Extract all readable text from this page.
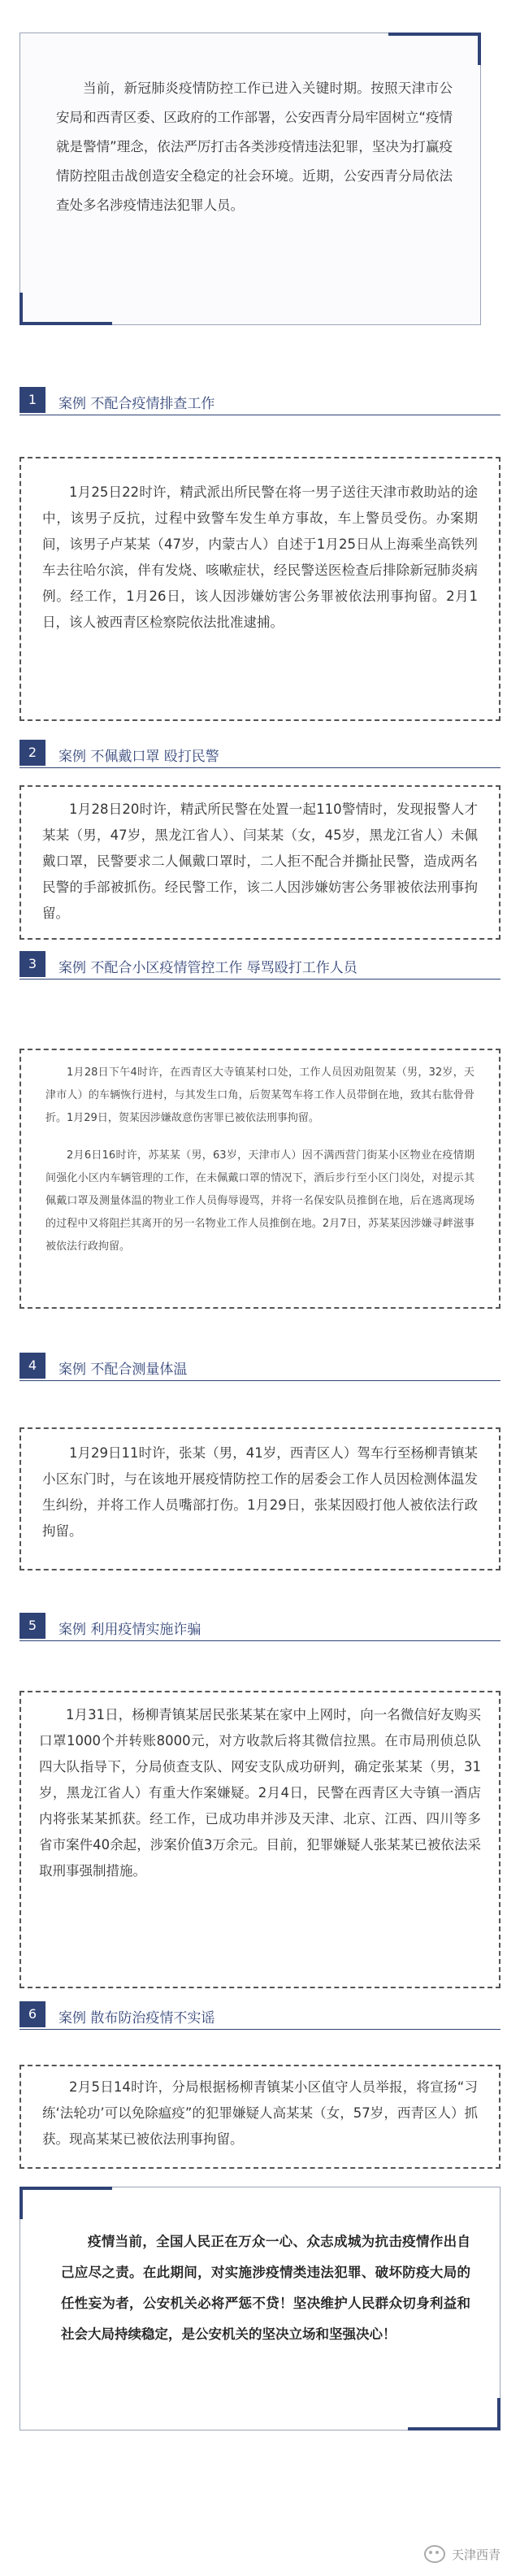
当前，新冠肺炎疫情防控工作已进入关键时期。按照天津市公安局和西青区委、区政府的工作部署，公安西青分局牢固树立“疫情就是警情”理念，依法严厉打击各类涉疫情违法犯罪，坚决为打赢疫情防控阻击战创造安全稳定的社会环境。近期，公安西青分局依法查处多名涉疫情违法犯罪人员。

1	案例 不配合疫情排查工作

1月25日22时许，精武派出所民警在将一男子送往天津市救助站的途中，该男子反抗，过程中致警车发生单方事故，车上警员受伤。办案期间，该男子卢某某（47岁，内蒙古人）自述于1月25日从上海乘坐高铁列车去往哈尔滨，伴有发烧、咳嗽症状，经民警送医检查后排除新冠肺炎病例。经工作，1月26日，该人因涉嫌妨害公务罪被依法刑事拘留。2月1日，该人被西青区检察院依法批准逮捕。

2	案例 不佩戴口罩 殴打民警

1月28日20时许，精武所民警在处置一起110警情时，发现报警人才某某（男，47岁，黑龙江省人）、闫某某（女，45岁，黑龙江省人）未佩戴口罩，民警要求二人佩戴口罩时，二人拒不配合并撕扯民警，造成两名民警的手部被抓伤。经民警工作，该二人因涉嫌妨害公务罪被依法刑事拘留。

3	案例 不配合小区疫情管控工作 辱骂殴打工作人员

1月28日下午4时许，在西青区大寺镇某村口处，工作人员因劝阻贺某（男，32岁，天津市人）的车辆恢行进村，与其发生口角，后贺某驾车将工作人员带倒在地，致其右肱骨骨折。1月29日，贺某因涉嫌故意伤害罪已被依法刑事拘留。

2月6日16时许，苏某某（男，63岁，天津市人）因不满西营门街某小区物业在疫情期间强化小区内车辆管理的工作，在未佩戴口罩的情况下，酒后步行至小区门岗处，对提示其佩戴口罩及测量体温的物业工作人员侮辱谩骂，并将一名保安队员推倒在地，后在逃离现场的过程中又将阻拦其离开的另一名物业工作人员推倒在地。2月7日，苏某某因涉嫌寻衅滋事被依法行政拘留。

4	案例 不配合测量体温

1月29日11时许，张某（男，41岁，西青区人）驾车行至杨柳青镇某小区东门时，与在该地开展疫情防控工作的居委会工作人员因检测体温发生纠纷，并将工作人员嘴部打伤。1月29日，张某因殴打他人被依法行政拘留。

5	案例 利用疫情实施诈骗

1月31日，杨柳青镇某居民张某某在家中上网时，向一名微信好友购买口罩1000个并转账8000元，对方收款后将其微信拉黑。在市局刑侦总队四大队指导下，分局侦查支队、网安支队成功研判，确定张某某（男，31岁，黑龙江省人）有重大作案嫌疑。2月4日，民警在西青区大寺镇一酒店内将张某某抓获。经工作，已成功串并涉及天津、北京、江西、四川等多省市案件40余起，涉案价值3万余元。目前，犯罪嫌疑人张某某已被依法采取刑事强制措施。

6	案例 散布防治疫情不实谣

2月5日14时许，分局根据杨柳青镇某小区值守人员举报，将宣扬“习练‘法轮功’可以免除瘟疫”的犯罪嫌疑人高某某（女，57岁，西青区人）抓获。现高某某已被依法刑事拘留。

疫情当前，全国人民正在万众一心、众志成城为抗击疫情作出自己应尽之责。在此期间，对实施涉疫情类违法犯罪、破坏防疫大局的任性妄为者，公安机关必将严惩不贷！坚决维护人民群众切身利益和社会大局持续稳定，是公安机关的坚决立场和坚强决心！

天津西青
